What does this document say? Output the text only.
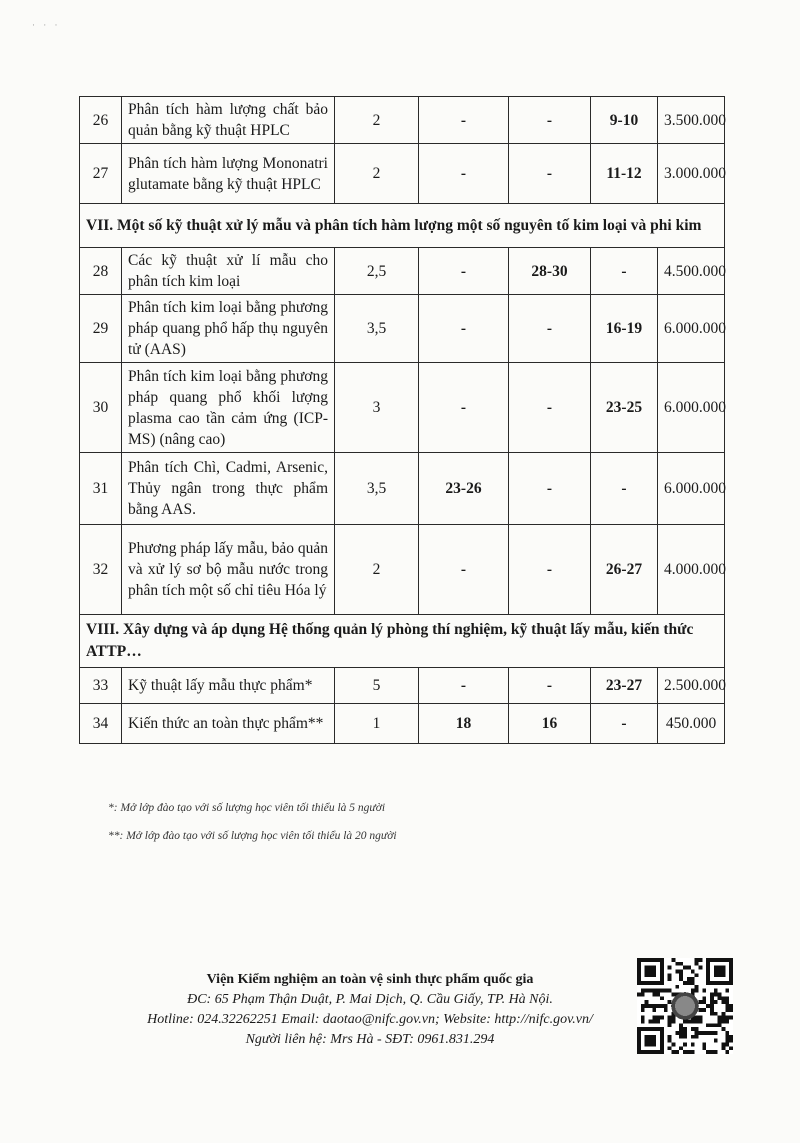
· · ·
26	Phân tích hàm lượng chất bảo quản bằng kỹ thuật HPLC	2	-	-	9-10	3.500.000
27	Phân tích hàm lượng Mononatri glutamate bằng kỹ thuật HPLC	2	-	-	11-12	3.000.000
VII. Một số kỹ thuật xử lý mẫu và phân tích hàm lượng một số nguyên tố kim loại và phi kim						
28	Các kỹ thuật xử lí mẫu cho phân tích kim loại	2,5	-	28-30	-	4.500.000
29	Phân tích kim loại bằng phương pháp quang phổ hấp thụ nguyên tử (AAS)	3,5	-	-	16-19	6.000.000
30	Phân tích kim loại bằng phương pháp quang phổ khối lượng plasma cao tần cảm ứng (ICP-MS) (nâng cao)	3	-	-	23-25	6.000.000
31	Phân tích Chì, Cadmi, Arsenic, Thủy ngân trong thực phẩm bằng AAS.	3,5	23-26	-	-	6.000.000
32	Phương pháp lấy mẫu, bảo quản và xử lý sơ bộ mẫu nước trong phân tích một số chỉ tiêu Hóa lý	2	-	-	26-27	4.000.000
VIII. Xây dựng và áp dụng Hệ thống quản lý phòng thí nghiệm, kỹ thuật lấy mẫu, kiến thức ATTP…						
33	Kỹ thuật lấy mẫu thực phẩm*	5	-	-	23-27	2.500.000
34	Kiến thức an toàn thực phẩm**	1	18	16	-	450.000
*: Mở lớp đào tạo với số lượng học viên tối thiểu là 5 người
**: Mở lớp đào tạo với số lượng học viên tối thiểu là 20 người
Viện Kiểm nghiệm an toàn vệ sinh thực phẩm quốc gia
ĐC: 65 Phạm Thận Duật, P. Mai Dịch, Q. Cầu Giấy, TP. Hà Nội.
Hotline: 024.32262251 Email: daotao@nifc.gov.vn; Website: http://nifc.gov.vn/
Người liên hệ: Mrs Hà - SĐT: 0961.831.294
